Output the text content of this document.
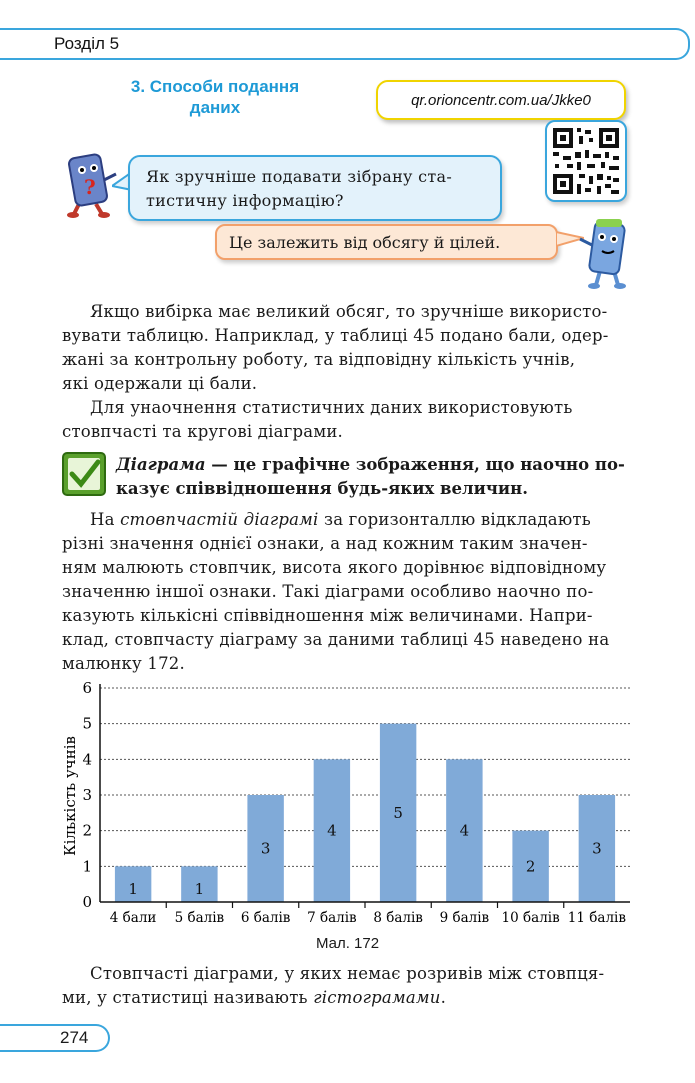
Розділ 5
3. Способи подання
даних	qr.orioncentr.com.ua/Jkke0
?	Як зручніше подавати зібрану ста-
тистичну інформацію?
Це залежить від обсягу й цілей.
Якщо вибірка має великий обсяг, то зручніше використо-
вувати таблицю. Наприклад, у таблиці 45 подано бали, одер-
жані за контрольну роботу, та відповідну кількість учнів,
які одержали ці бали.
Для унаочнення статистичних даних використовують
стовпчасті та кругові діаграми.
Діаграма — це графічне зображення, що наочно по-
казує співвідношення будь-яких величин.
На стовпчастій діаграмі за горизонталлю відкладають
різні значення однієї ознаки, а над кожним таким значен-
ням малюють стовпчик, висота якого дорівнює відповідному
значенню іншої ознаки. Такі діаграми особливо наочно по-
казують кількісні співвідношення між величинами. Напри-
клад, стовпчасту діаграму за даними таблиці 45 наведено на
малюнку 172.
1	1
3
4
5
4
2
3
0
1
2
3
4
5
6
4 бали 5 балів 6 балів 7 балів 8 балів 9 балів 10 балів 11 балів
Кількість учнів
Мал. 172
Стовпчасті діаграми, у яких немає розривів між стовпця-
ми, у статистиці називають гістограмами.
274
